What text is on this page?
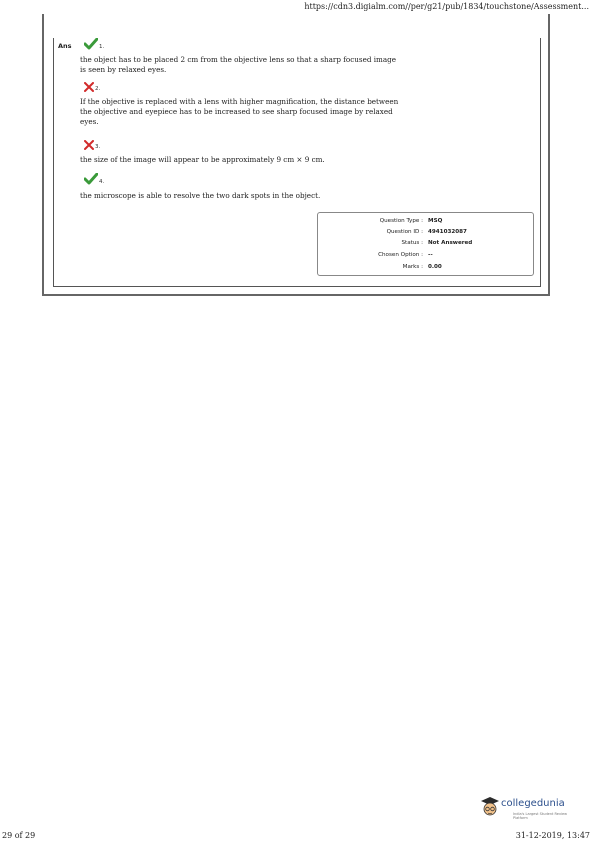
https://cdn3.digialm.com//per/g21/pub/1834/touchstone/Assessment...
Ans	1.
the object has to be placed 2 cm from the objective lens so that a sharp focused image is seen by relaxed eyes.
2.
If the objective is replaced with a lens with higher magnification, the distance between the objective and eyepiece has to be increased to see sharp focused image by relaxed eyes.
3.
the size of the image will appear to be approximately 9 cm × 9 cm.
4.
the microscope is able to resolve the two dark spots in the object.
Question Type : MSQ
Question ID : 4941032087
Status : Not Answered
Chosen Option : --
Marks : 0.00
collegedunia
India's Largest Student Review Platform
29 of 29	31-12-2019, 13:47
